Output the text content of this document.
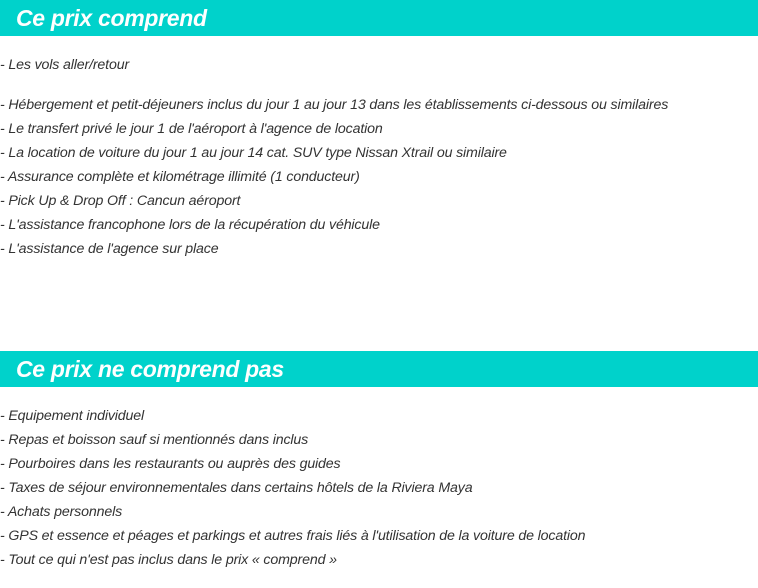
Ce prix comprend
- Les vols aller/retour
- Hébergement et petit-déjeuners inclus du jour 1 au jour 13 dans les établissements ci-dessous ou similaires
- Le transfert privé le jour 1 de l'aéroport à l'agence de location
- La location de voiture du jour 1 au jour 14 cat. SUV type Nissan Xtrail ou similaire
- Assurance complète et kilométrage illimité (1 conducteur)
- Pick Up & Drop Off : Cancun aéroport
- L'assistance francophone lors de la récupération du véhicule
- L'assistance de l'agence sur place
Ce prix ne comprend pas
- Equipement individuel
- Repas et boisson sauf si mentionnés dans inclus
- Pourboires dans les restaurants ou auprès des guides
- Taxes de séjour environnementales dans certains hôtels de la Riviera Maya
- Achats personnels
- GPS et essence et péages et parkings et autres frais liés à l'utilisation de la voiture de location
- Tout ce qui n'est pas inclus dans le prix « comprend »
